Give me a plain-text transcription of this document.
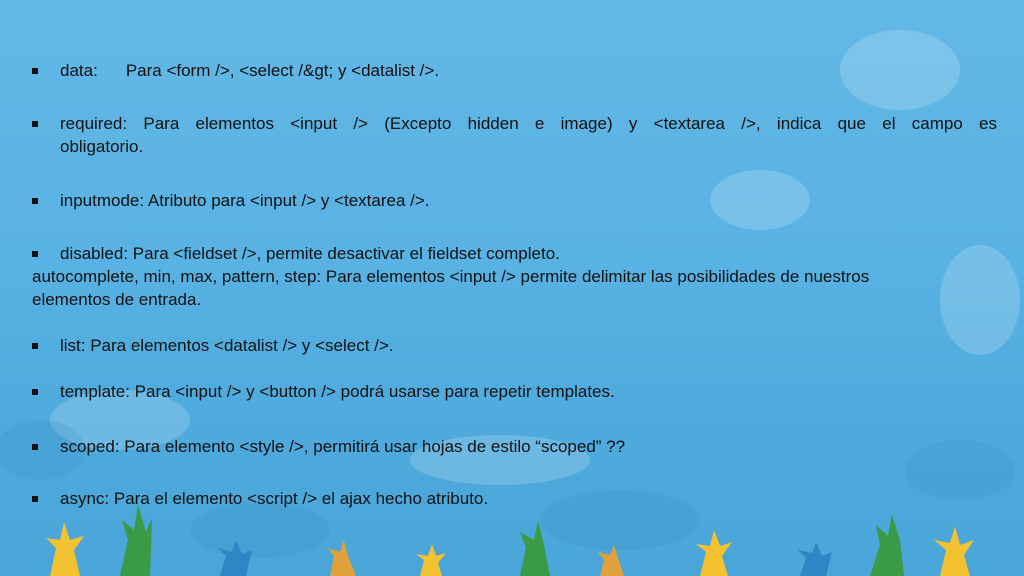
data: Para <form />, <select /&gt; y <datalist />.
required: Para elementos <input /> (Excepto hidden e image) y <textarea />, indica que el campo es
obligatorio.
inputmode: Atributo para <input /> y <textarea />.
disabled: Para <fieldset />, permite desactivar el fieldset completo.
autocomplete, min, max, pattern, step: Para elementos <input /> permite delimitar las posibilidades de nuestros
elementos de entrada.
list: Para elementos <datalist /> y <select />.
template: Para <input /> y <button /> podrá usarse para repetir templates.
scoped: Para elemento <style />, permitirá usar hojas de estilo “scoped” ??
async: Para el elemento <script /> el ajax hecho atributo.
